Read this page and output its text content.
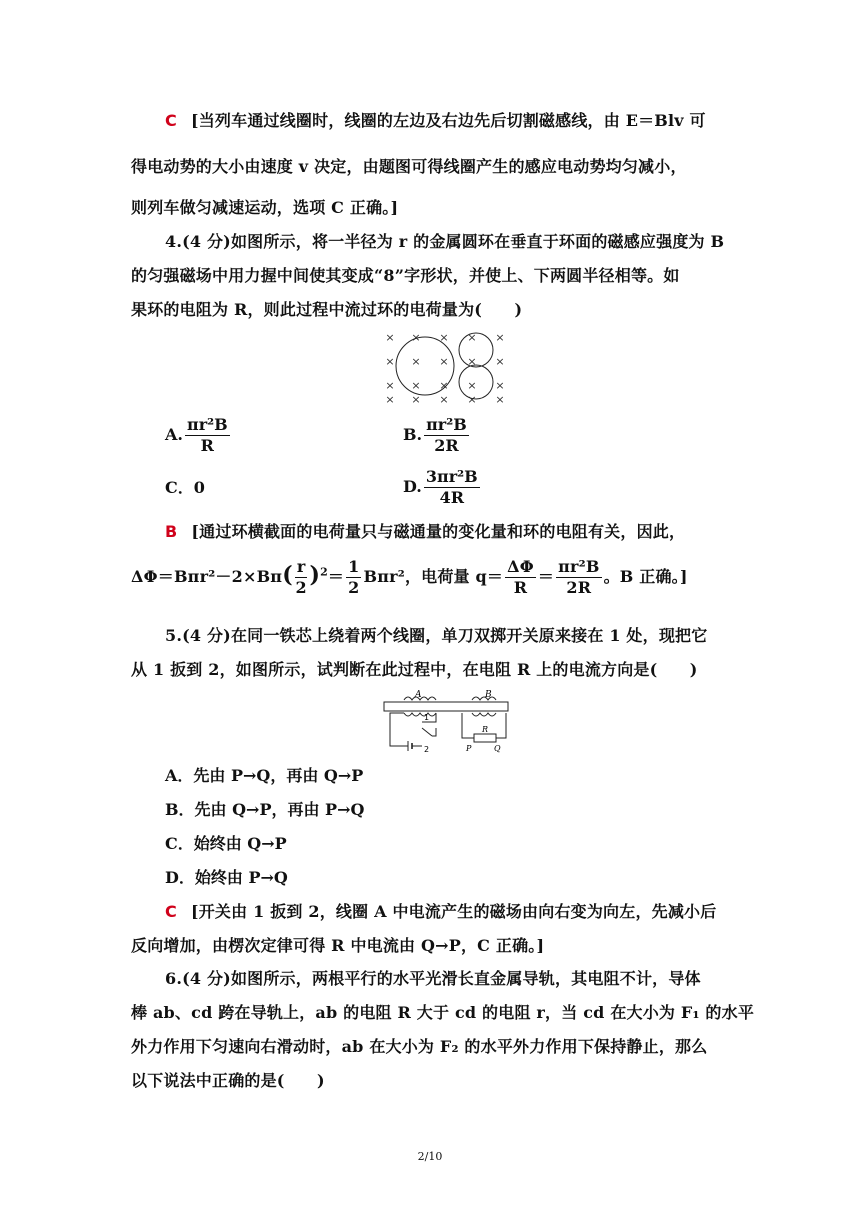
C [当列车通过线圈时，线圈的左边及右边先后切割磁感线，由 E＝Blv 可
得电动势的大小由速度 v 决定，由题图可得线圈产生的感应电动势均匀减小，
则列车做匀减速运动，选项 C 正确。]
4.(4 分)如图所示，将一半径为 r 的金属圆环在垂直于环面的磁感应强度为 B
的匀强磁场中用力握中间使其变成“8”字形状，并使上、下两圆半径相等。如
果环的电阻为 R，则此过程中流过环的电荷量为(　　)
× × × × ×
× × × × ×
× × × × ×
× × × × ×
A. $\frac{\text{πr²B}}{R}$	B. $\frac{\text{πr²B}}{2R}$
C．0	D. $\frac{\text{3πr²B}}{4R}$
B [通过环横截面的电荷量只与磁通量的变化量和环的电阻有关，因此，
$\Delta\Phi=B\pi r^2-2\times B\pi( \frac{r}{2} )^2= \frac{1}{2} B\pi r^2$，电荷量 $q= \frac{\Delta\Phi}{R} = \frac{\text{πr²B}}{2R}$ 。B 正确。]
5.(4 分)在同一铁芯上绕着两个线圈，单刀双掷开关原来接在 1 处，现把它
从 1 扳到 2，如图所示，试判断在此过程中，在电阻 R 上的电流方向是(　　)
A	B
1
2
R
P	Q
A．先由 P→Q，再由 Q→P
B．先由 Q→P，再由 P→Q
C．始终由 Q→P
D．始终由 P→Q
C [开关由 1 扳到 2，线圈 A 中电流产生的磁场由向右变为向左，先减小后
反向增加，由楞次定律可得 R 中电流由 Q→P，C 正确。]
6.(4 分)如图所示，两根平行的水平光滑长直金属导轨，其电阻不计，导体
棒 ab、cd 跨在导轨上，ab 的电阻 R 大于 cd 的电阻 r，当 cd 在大小为 F₁ 的水平
外力作用下匀速向右滑动时，ab 在大小为 F₂ 的水平外力作用下保持静止，那么
以下说法中正确的是(　　)
2/10
